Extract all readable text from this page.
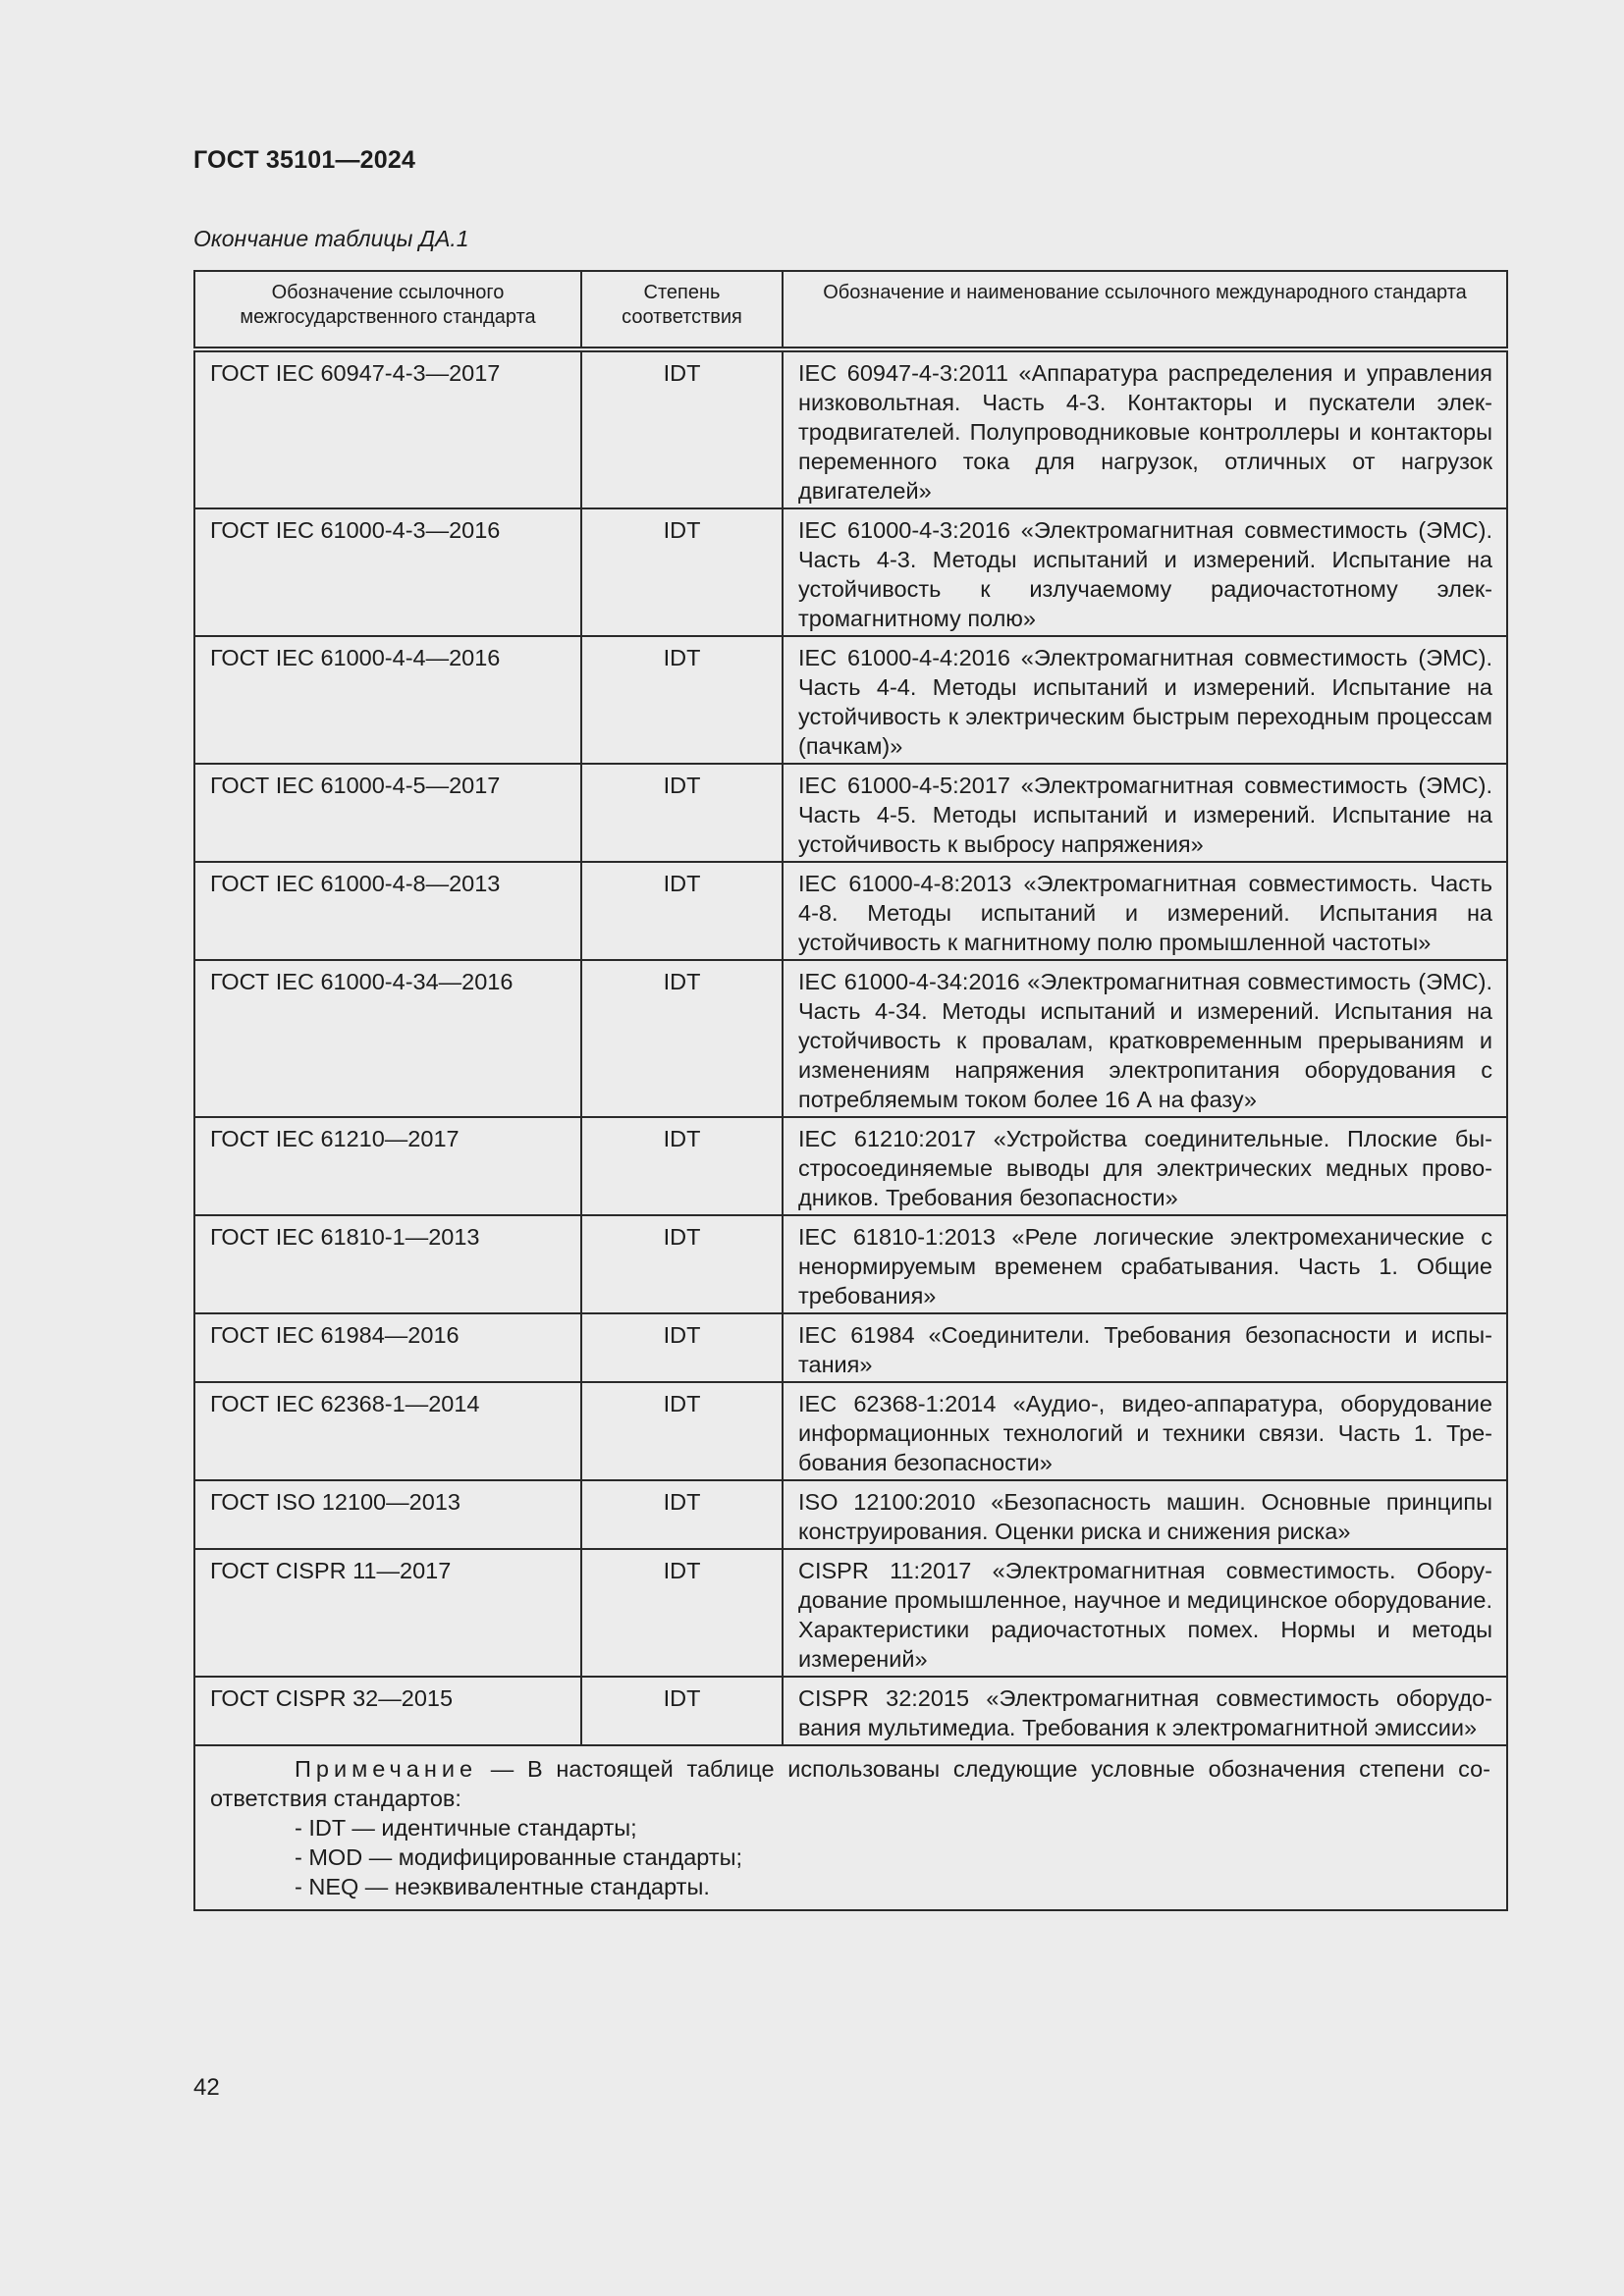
ГОСТ 35101—2024

Окончание таблицы ДА.1

Обозначение ссылочного межгосударственного стандарта	Степень соответствия	Обозначение и наименование ссылочного международного стандарта
ГОСТ IEC 60947-4-3—2017	IDT	IEC 60947-4-3:2011 «Аппаратура распределения и управления низковольтная. Часть 4-3. Контакторы и пускатели электродвигателей. Полупроводниковые контроллеры и контакторы переменного тока для нагрузок, отличных от нагрузок двигателей»
ГОСТ IEC 61000-4-3—2016	IDT	IEC 61000-4-3:2016 «Электромагнитная совместимость (ЭМС). Часть 4-3. Методы испытаний и измерений. Испытание на устойчивость к излучаемому радиочастотному электромагнитному полю»
ГОСТ IEC 61000-4-4—2016	IDT	IEC 61000-4-4:2016 «Электромагнитная совместимость (ЭМС). Часть 4-4. Методы испытаний и измерений. Испытание на устойчивость к электрическим быстрым переходным процессам (пачкам)»
ГОСТ IEC 61000-4-5—2017	IDT	IEC 61000-4-5:2017 «Электромагнитная совместимость (ЭМС). Часть 4-5. Методы испытаний и измерений. Испытание на устойчивость к выбросу напряжения»
ГОСТ IEC 61000-4-8—2013	IDT	IEC 61000-4-8:2013 «Электромагнитная совместимость. Часть 4-8. Методы испытаний и измерений. Испытания на устойчивость к магнитному полю промышленной частоты»
ГОСТ IEC 61000-4-34—2016	IDT	IEC 61000-4-34:2016 «Электромагнитная совместимость (ЭМС). Часть 4-34. Методы испытаний и измерений. Испытания на устойчивость к провалам, кратковременным прерываниям и изменениям напряжения электропитания оборудования с потребляемым током более 16 А на фазу»
ГОСТ IEC 61210—2017	IDT	IEC 61210:2017 «Устройства соединительные. Плоские быстросоединяемые выводы для электрических медных проводников. Требования безопасности»
ГОСТ IEC 61810-1—2013	IDT	IEC 61810-1:2013 «Реле логические электромеханические с ненормируемым временем срабатывания. Часть 1. Общие требования»
ГОСТ IEC 61984—2016	IDT	IEC 61984 «Соединители. Требования безопасности и испытания»
ГОСТ IEC 62368-1—2014	IDT	IEC 62368-1:2014 «Аудио-, видео-аппаратура, оборудование информационных технологий и техники связи. Часть 1. Требования безопасности»
ГОСТ ISO 12100—2013	IDT	ISO 12100:2010 «Безопасность машин. Основные принципы конструирования. Оценки риска и снижения риска»
ГОСТ CISPR 11—2017	IDT	CISPR 11:2017 «Электромагнитная совместимость. Оборудование промышленное, научное и медицинское оборудование. Характеристики радиочастотных помех. Нормы и методы измерений»
ГОСТ CISPR 32—2015	IDT	CISPR 32:2015 «Электромагнитная совместимость оборудования мультимедиа. Требования к электромагнитной эмиссии»

Примечание — В настоящей таблице использованы следующие условные обозначения степени соответствия стандартов:

- IDT — идентичные стандарты;

- MOD — модифицированные стандарты;

- NEQ — неэквивалентные стандарты.		

42
